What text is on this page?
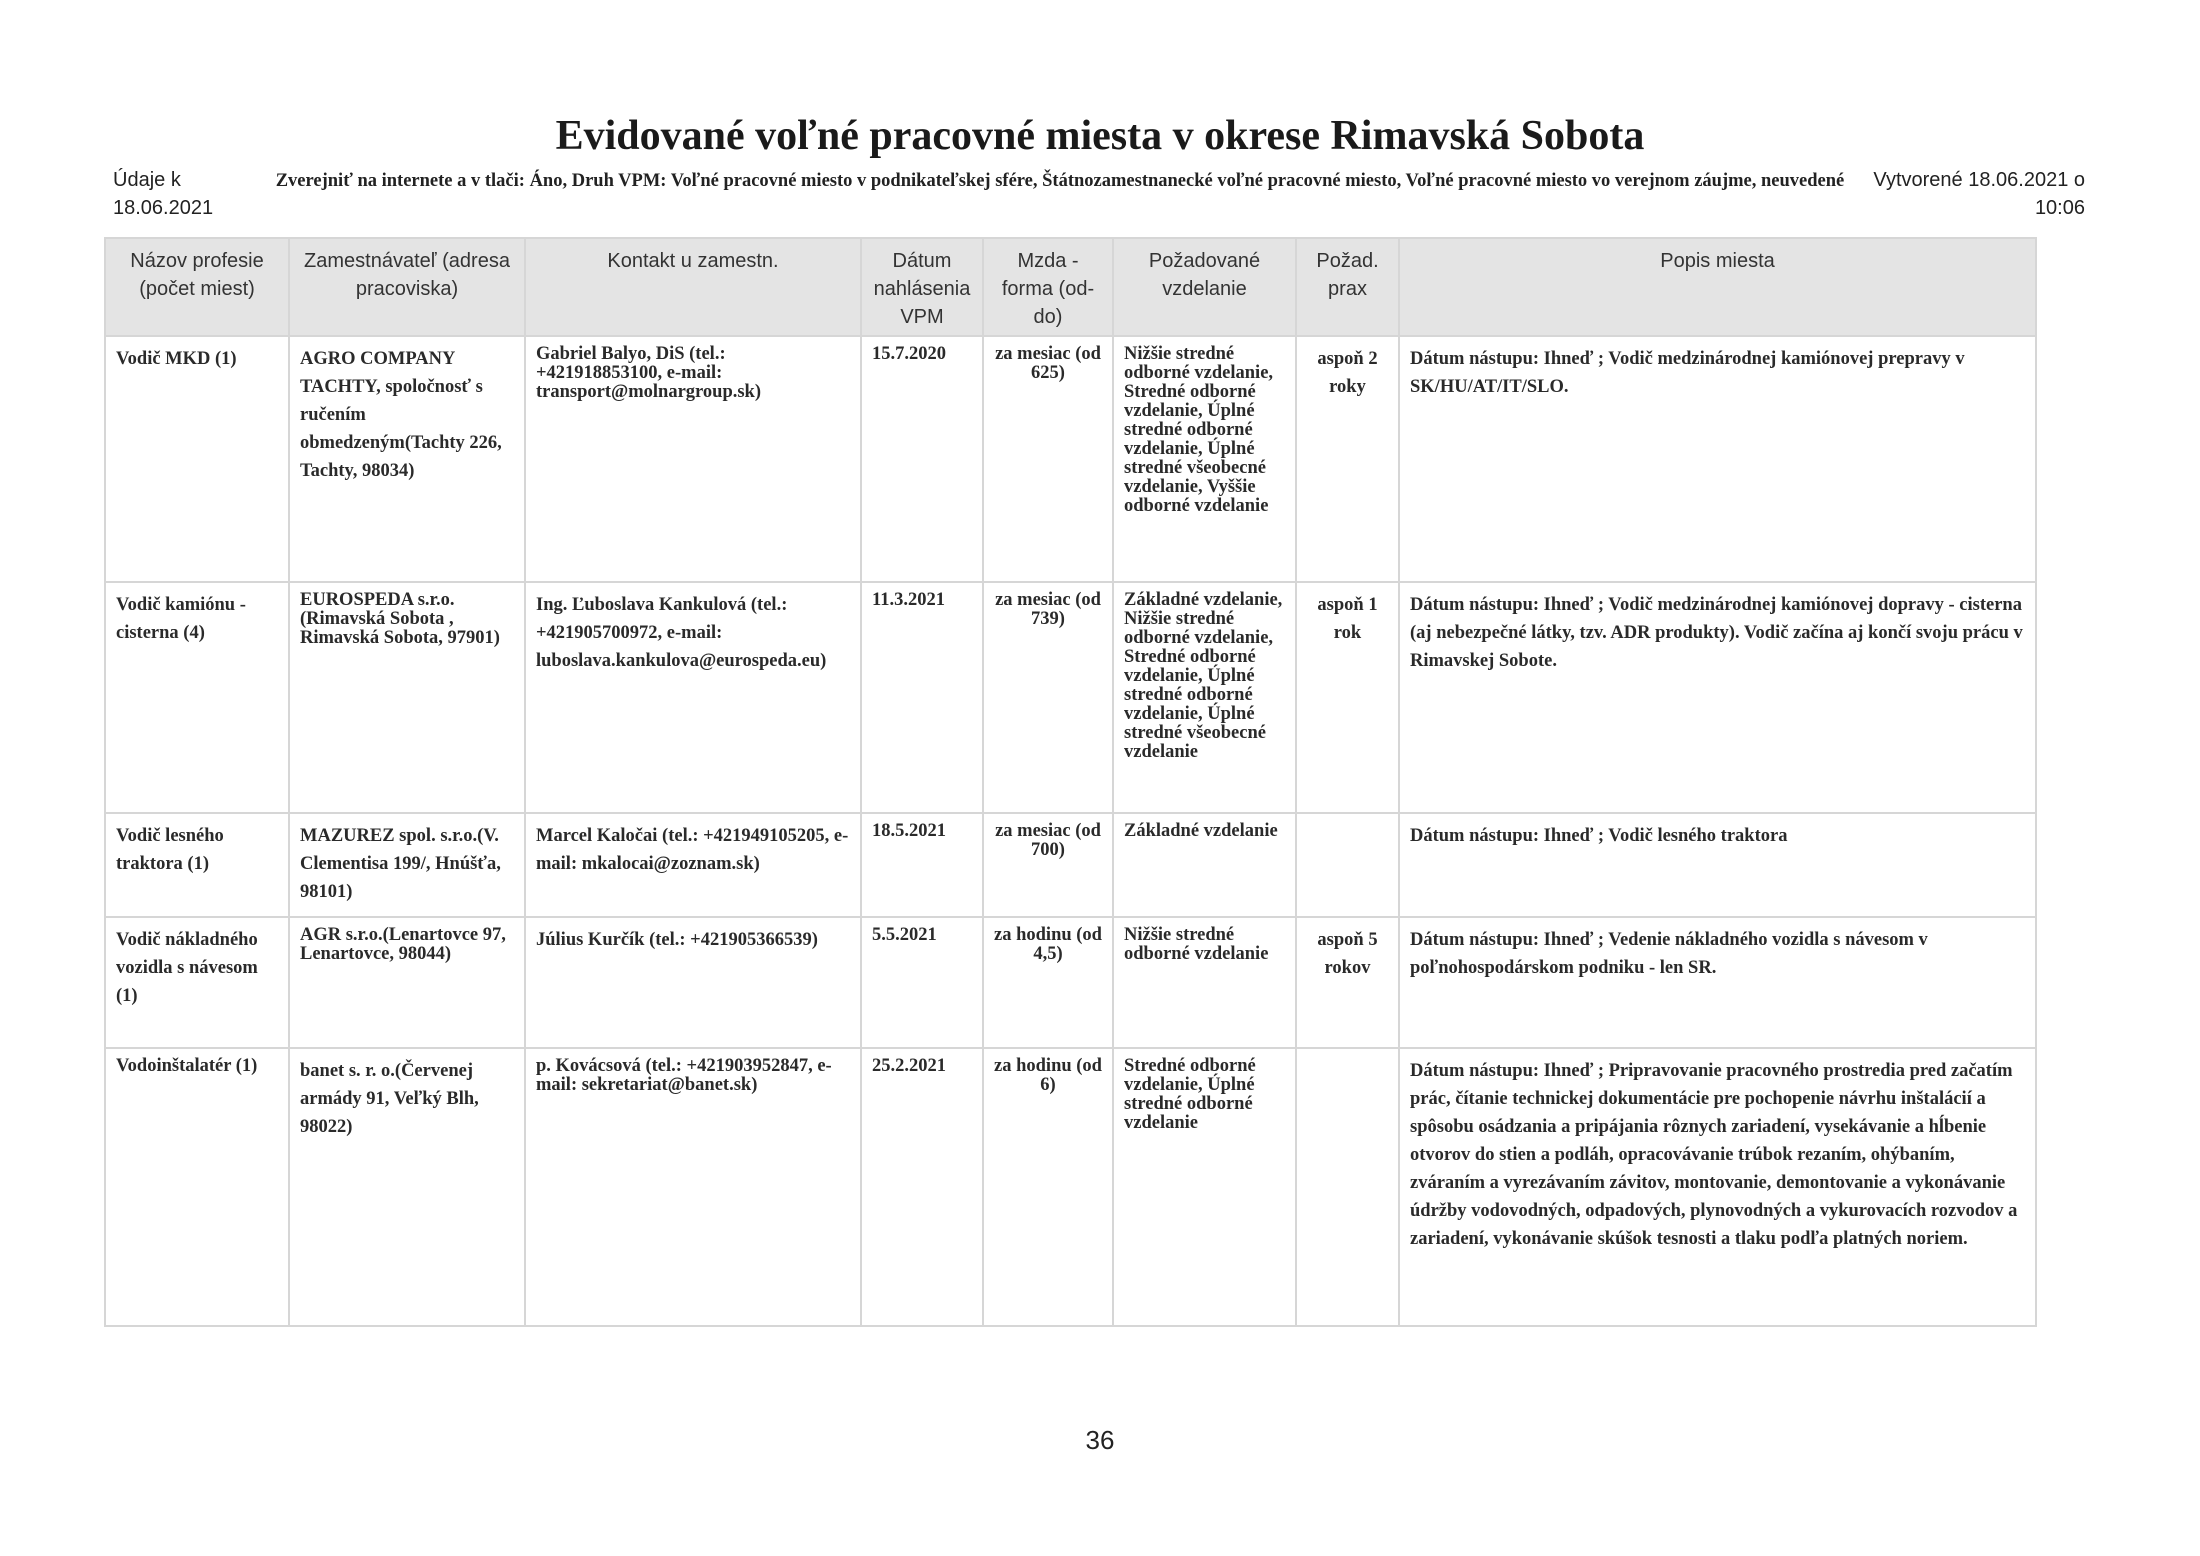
Evidované voľné pracovné miesta v okrese Rimavská Sobota
Údaje k 18.06.2021
Zverejniť na internete a v tlači: Áno, Druh VPM: Voľné pracovné miesto v podnikateľskej sfére, Štátnozamestnanecké voľné pracovné miesto, Voľné pracovné miesto vo verejnom záujme, neuvedené	Vytvorené 18.06.2021 o 10:06
Názov profesie (počet miest)	Zamestnávateľ (adresa pracoviska)	Kontakt u zamestn.	Dátum nahlásenia VPM	Mzda - forma (od-do)	Požadované vzdelanie	Požad. prax	Popis miesta
Vodič MKD (1)	AGRO COMPANY TACHTY, spoločnosť s ručením obmedzeným(Tachty 226, Tachty, 98034)	Gabriel Balyo, DiS (tel.: +421918853100, e-mail: transport@molnargroup.sk)	15.7.2020	za mesiac (od 625)	Nižšie stredné odborné vzdelanie, Stredné odborné vzdelanie, Úplné stredné odborné vzdelanie, Úplné stredné všeobecné vzdelanie, Vyššie odborné vzdelanie	aspoň 2 roky	Dátum nástupu: Ihneď ; Vodič medzinárodnej kamiónovej prepravy v SK/HU/AT/IT/SLO.
Vodič kamiónu - cisterna (4)	EUROSPEDA s.r.o.(Rimavská Sobota , Rimavská Sobota, 97901)	Ing. Ľuboslava Kankulová (tel.: +421905700972, e-mail: luboslava.kankulova@eurospeda.eu)	11.3.2021	za mesiac (od 739)	Základné vzdelanie, Nižšie stredné odborné vzdelanie, Stredné odborné vzdelanie, Úplné stredné odborné vzdelanie, Úplné stredné všeobecné vzdelanie	aspoň 1 rok	Dátum nástupu: Ihneď ; Vodič medzinárodnej kamiónovej dopravy - cisterna (aj nebezpečné látky, tzv. ADR produkty). Vodič začína aj končí svoju prácu v Rimavskej Sobote.
Vodič lesného traktora (1)	MAZUREZ spol. s.r.o.(V. Clementisa 199/, Hnúšťa, 98101)	Marcel Kaločai (tel.: +421949105205, e-mail: mkalocai@zoznam.sk)	18.5.2021	za mesiac (od 700)	Základné vzdelanie		Dátum nástupu: Ihneď ; Vodič lesného traktora
Vodič nákladného vozidla s návesom (1)	AGR s.r.o.(Lenartovce 97, Lenartovce, 98044)	Július Kurčík (tel.: +421905366539)	5.5.2021	za hodinu (od 4,5)	Nižšie stredné odborné vzdelanie	aspoň 5 rokov	Dátum nástupu: Ihneď ; Vedenie nákladného vozidla s návesom v poľnohospodárskom podniku - len SR.
Vodoinštalatér (1)	banet s. r. o.(Červenej armády 91, Veľký Blh, 98022)	p. Kovácsová (tel.: +421903952847, e-mail: sekretariat@banet.sk)	25.2.2021	za hodinu (od 6)	Stredné odborné vzdelanie, Úplné stredné odborné vzdelanie		Dátum nástupu: Ihneď ; Pripravovanie pracovného prostredia pred začatím prác, čítanie technickej dokumentácie pre pochopenie návrhu inštalácií a spôsobu osádzania a pripájania rôznych zariadení, vysekávanie a hĺbenie otvorov do stien a podláh, opracovávanie trúbok rezaním, ohýbaním, zváraním a vyrezávaním závitov, montovanie, demontovanie a vykonávanie údržby vodovodných, odpadových, plynovodných a vykurovacích rozvodov a zariadení, vykonávanie skúšok tesnosti a tlaku podľa platných noriem.
36
